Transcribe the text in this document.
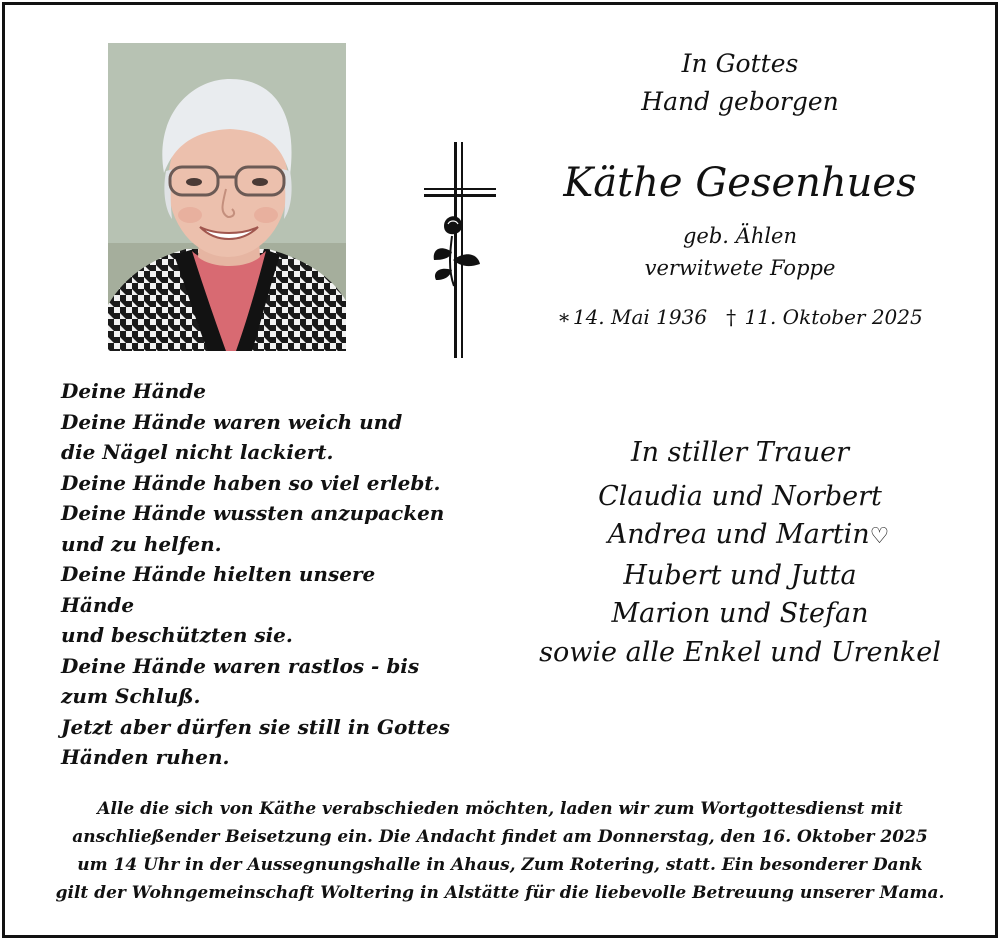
In Gottes

Hand geborgen

Käthe Gesenhues
geb. Ählen
verwitwete Foppe
∗ 14. Mai 1936 † 11. Oktober 2025
Deine Hände
Deine Hände waren weich und
die Nägel nicht lackiert.
Deine Hände haben so viel erlebt.
Deine Hände wussten anzupacken
und zu helfen.
Deine Hände hielten unsere
Hände
und beschützten sie.
Deine Hände waren rastlos - bis
zum Schluß.
Jetzt aber dürfen sie still in Gottes
Händen ruhen.
In stiller Trauer
Claudia und Norbert
Andrea und Martin♡
Hubert und Jutta
Marion und Stefan
sowie alle Enkel und Urenkel
Alle die sich von Käthe verabschieden möchten, laden wir zum Wortgottesdienst mit
anschließender Beisetzung ein. Die Andacht findet am Donnerstag, den 16. Oktober 2025
um 14 Uhr in der Aussegnungshalle in Ahaus, Zum Rotering, statt. Ein besonderer Dank
gilt der Wohngemeinschaft Woltering in Alstätte für die liebevolle Betreuung unserer Mama.
